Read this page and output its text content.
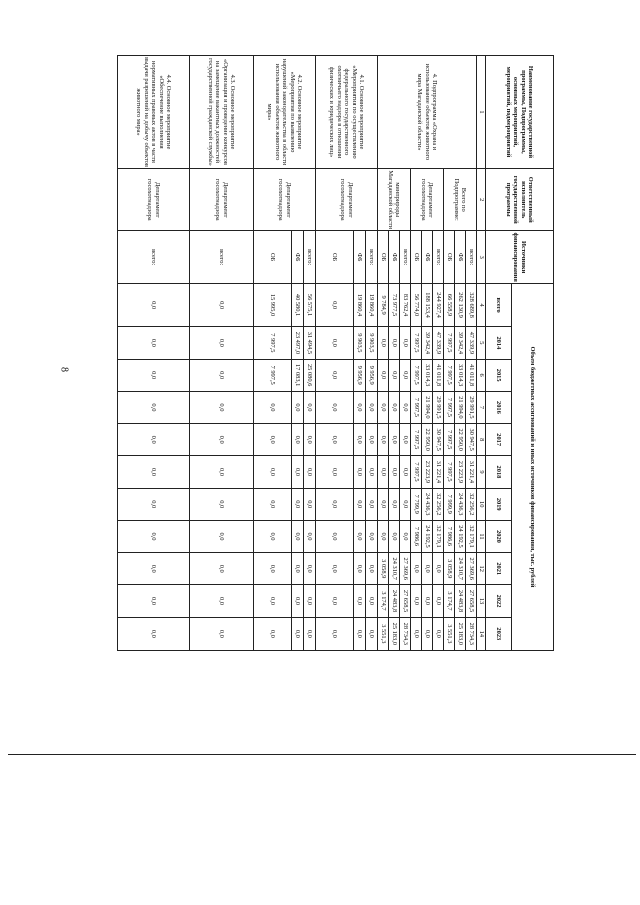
8
Наименование государственной программы, Подпрограммы, основных мероприятий, мероприятий, подмероприятий	Ответственный исполнитель государственной программы	Источники финансирования	Объем бюджетных ассигнований и иных источников финансирования, тыс. рублей										
			всего	2014	2015	2016	2017	2018	2019	2020	2021	2022	2023
1	2	3	4	5	6	7	8	9	10	11	12	13	14
4. Подпрограмма «Охрана и использование объектов животного мира Магаданской области»	Всего по Подпрограмме:	всего:	328 689,8	47 339,9	41 011,8	29 991,5	30 947,5	31 221,4	32 256,2	32 179,1	27 369,6	27 658,5	28 734,3
		ФБ	262 130,9	39 342,4	33 014,3	21 994,0	22 950,0	23 223,9	24 436,3	24 192,5	24 310,7	24 483,8	25 183,0
		ОБ	66 558,9	7 997,5	7 997,5	7 997,5	7 997,5	7 997,5	7 999,9	7 986,6	3 058,9	3 174,7	3 551,3
	Департамент госохотнадзора	всего:	244 927,4	47 339,9	41 011,8	29 991,5	30 947,5	31 221,4	32 256,2	32 179,1	0,0	0,0	0,0
		ФБ	188 153,4	39 342,4	33 014,3	21 994,0	22 950,0	23 223,9	24 436,3	24 192,5	0,0	0,0	0,0
		ОБ	56 774,0	7 997,5	7 997,5	7 997,5	7 997,5	7 997,5	7 799,9	7 986,6	0,0	0,0	0,0
	минприроды Магаданской области	всего:	83 762,4	0,0	0,0	0,0	0,0	0,0	0,0	0,0	27 369,6	27 658,5	28 734,3
		ФБ	73 977,5	0,0	0,0	0,0	0,0	0,0	0,0	0,0	24 310,7	24 483,8	25 183,0
		ОБ	9 784,9	0,0	0,0	0,0	0,0	0,0	0,0	0,0	3 058,9	3 174,7	3 551,3
4.1. Основное мероприятие «Мероприятия по осуществлению федерального государственного охотничьего надзора в отношении физических и юридических лиц»	Департамент госохотнадзора	всего:	19 860,4	9 903,5	9 956,9	0,0	0,0	0,0	0,0	0,0	0,0	0,0	0,0
		ФБ	19 860,4	9 903,5	9 956,9	0,0	0,0	0,0	0,0	0,0	0,0	0,0	0,0
		ОБ	0,0	0,0	0,0	0,0	0,0	0,0	0,0	0,0	0,0	0,0	0,0
4.2. Основное мероприятие «Мероприятия по выявлению нарушений законодательства в области использования объектов животного мира»	Департамент госохотнадзора	всего:	56 575,1	31 494,5	25 080,6	0,0	0,0	0,0	0,0	0,0	0,0	0,0	0,0
		ФБ	40 580,1	23 497,0	17 083,1	0,0	0,0	0,0	0,0	0,0	0,0	0,0	0,0
		ОБ	15 995,0	7 997,5	7 997,5	0,0	0,0	0,0	0,0	0,0	0,0	0,0	0,0
4.3. Основное мероприятие «Организация и проведение конкурсов на замещение вакантных должностей государственной гражданской службы»	Департамент госохотнадзора	всего:	0,0	0,0	0,0	0,0	0,0	0,0	0,0	0,0	0,0	0,0	0,0
4.4. Основное мероприятие «Обеспечение выполнения нормативных правовых актов в части выдачи разрешений на добычу объектов животного мира»	Департамент госохотнадзора	всего:	0,0	0,0	0,0	0,0	0,0	0,0	0,0	0,0	0,0	0,0	0,0
